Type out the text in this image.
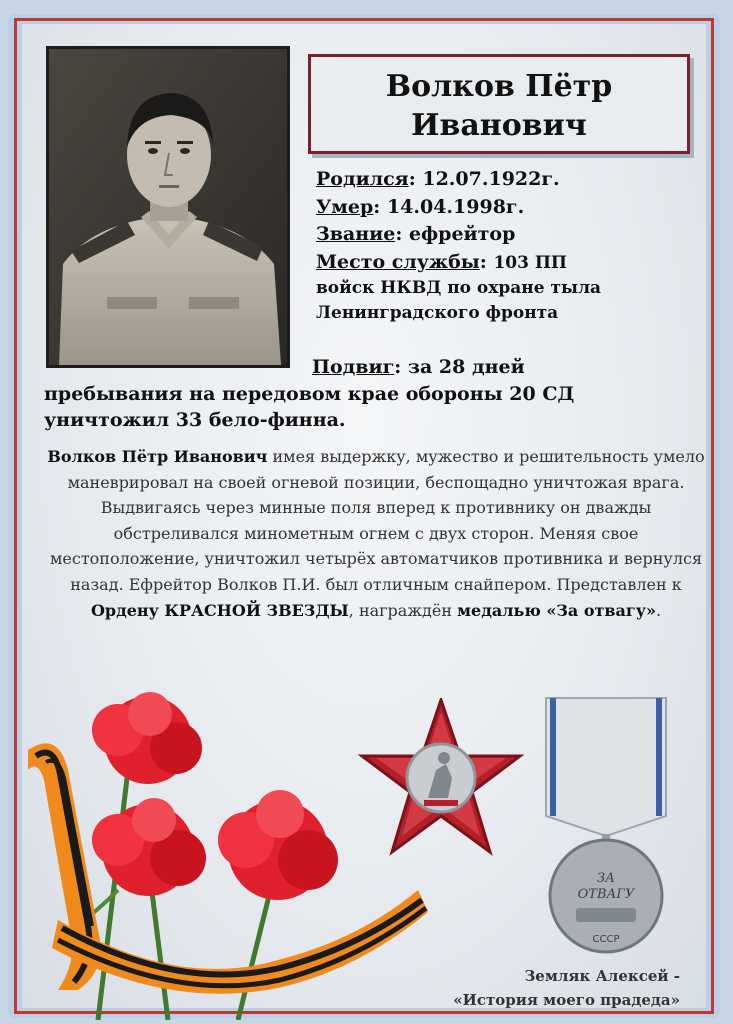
Волков Пётр
Иванович
Родился: 12.07.1922г.
Умер: 14.04.1998г.
Звание: ефрейтор
Место службы: 103 ПП
войск НКВД по охране тыла
Ленинградского фронта
Подвиг: за 28 дней
пребывания на передовом крае обороны 20 СД
уничтожил 33 бело-финна.
Волков Пётр Иванович имея выдержку, мужество и решительность умело маневрировал на своей огневой позиции, беспощадно уничтожая врага. Выдвигаясь через минные поля вперед к противнику он дважды обстреливался минометным огнем с двух сторон. Меняя свое местоположение, уничтожил четырёх автоматчиков противника и вернулся назад. Ефрейтор Волков П.И. был отличным снайпером. Представлен к Ордену КРАСНОЙ ЗВЕЗДЫ, награждён медалью «За отвагу».
ЗА
ОТВАГУ
СССР
Земляк Алексей -
«История моего прадеда»
